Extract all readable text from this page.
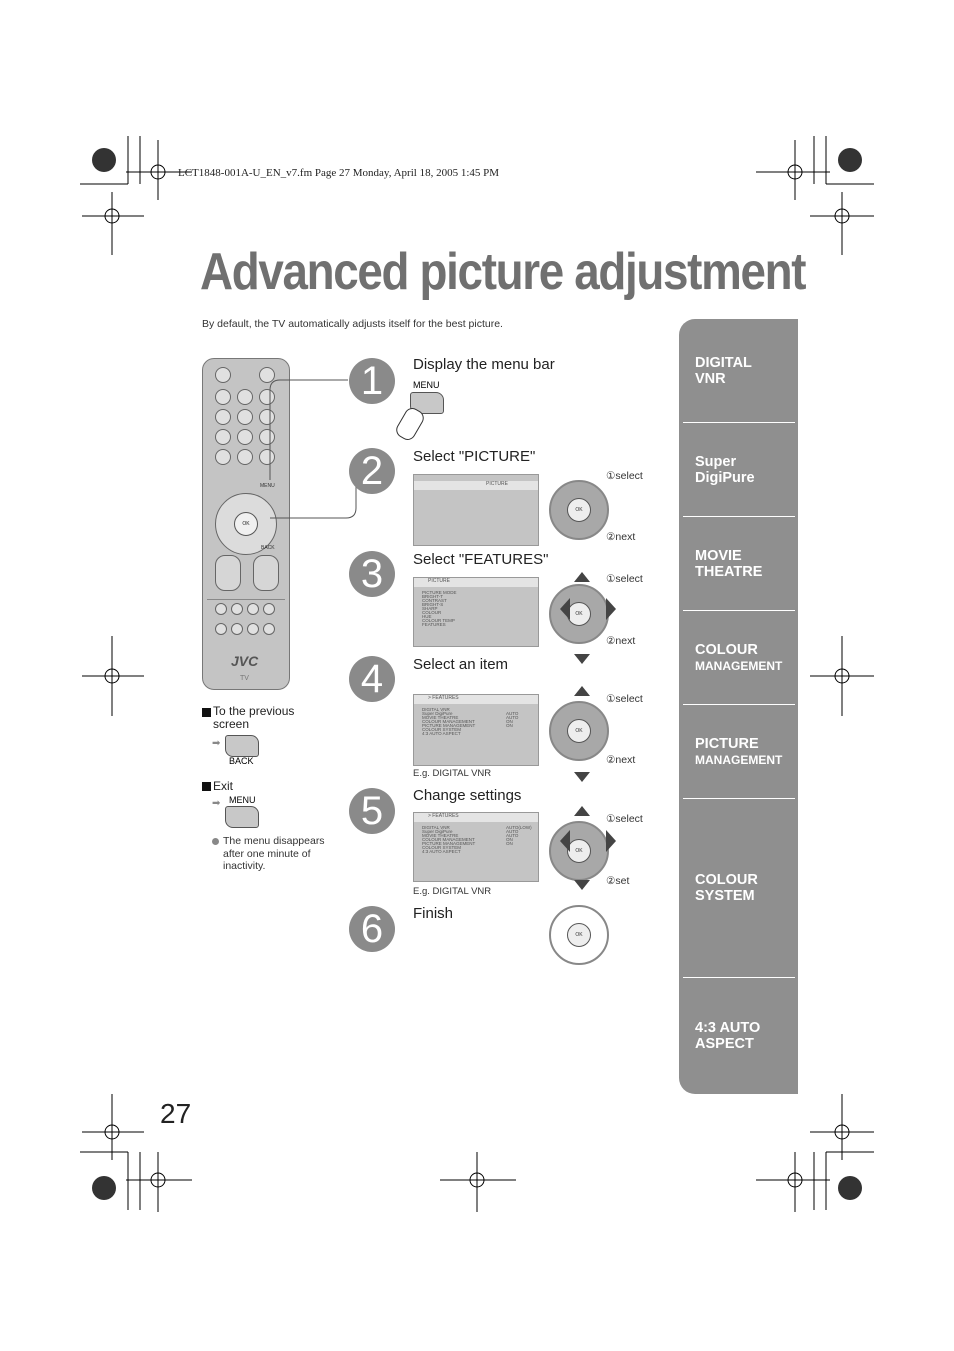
LCT1848-001A-U_EN_v7.fm Page 27 Monday, April 18, 2005 1:45 PM
Advanced picture adjustment
By default, the TV automatically adjusts itself for the best picture.
MENU
OK
BACK
JVC
TV
1	Display the menu bar
MENU
2	Select "PICTURE"
PICTURE
①select
②next
3	Select "FEATURES"
PICTURE
PICTURE MODE
BRIGHT-T
CONTRAST
BRIGHT-S
SHARP
COLOUR
HUE
COLOUR TEMP
FEATURES
①select
②next
4	Select an item
> FEATURES
DIGITAL VNR
Super DigiPure	AUTO
MOVIE THEATRE	AUTO
COLOUR MANAGEMENT	ON
PICTURE MANAGEMENT	ON
COLOUR SYSTEM
4:3 AUTO ASPECT
E.g. DIGITAL VNR
①select
②next
5	Change settings
> FEATURES
DIGITAL VNR	AUTO(LOW)
Super DigiPure	AUTO
MOVIE THEATRE	AUTO
COLOUR MANAGEMENT	ON
PICTURE MANAGEMENT	ON
COLOUR SYSTEM
4:3 AUTO ASPECT
E.g. DIGITAL VNR
①select
②set
6	Finish
OK
OK
OK
OK
OK
To the previous screen
➡
BACK
Exit
MENU
➡
The menu disappears after one minute of inactivity.
DIGITAL
VNR
Super
DigiPure
MOVIE
THEATRE
COLOUR
MANAGEMENT
PICTURE
MANAGEMENT
COLOUR
SYSTEM
4:3 AUTO
ASPECT
27
